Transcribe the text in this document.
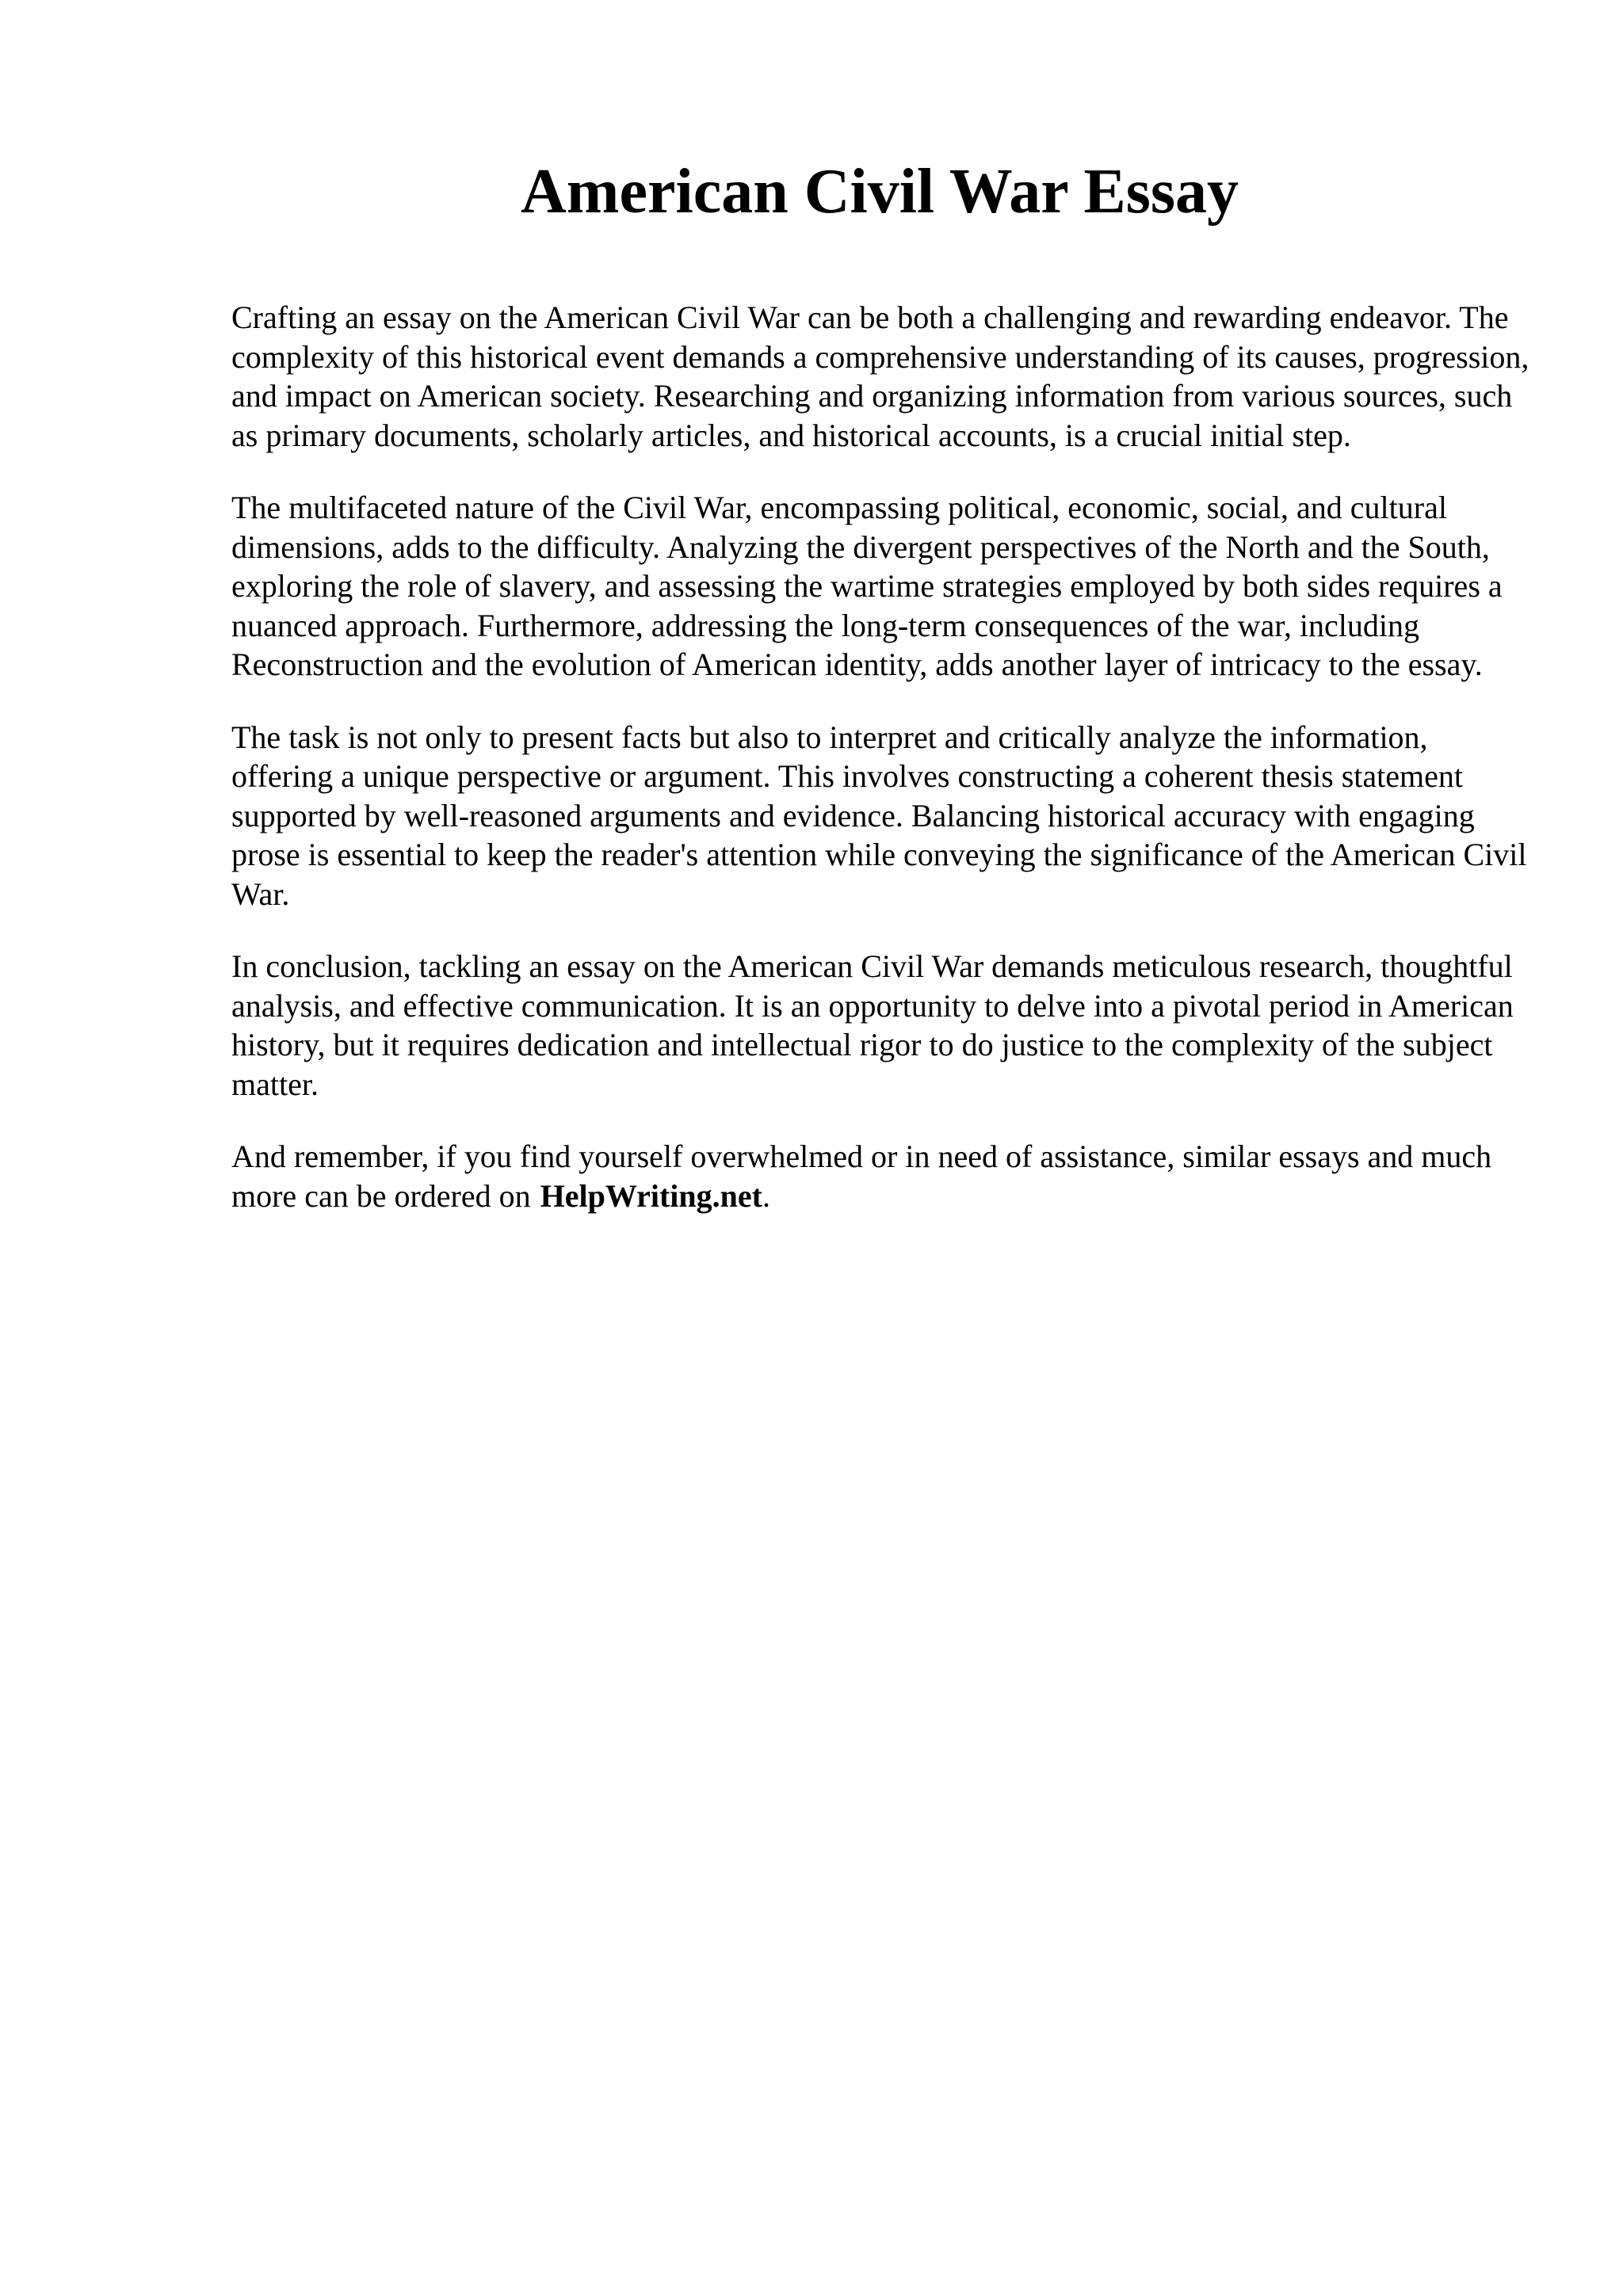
American Civil War Essay

Crafting an essay on the American Civil War can be both a challenging and rewarding endeavor. The complexity of this historical event demands a comprehensive understanding of its causes, progression, and impact on American society. Researching and organizing information from various sources, such as primary documents, scholarly articles, and historical accounts, is a crucial initial step.

The multifaceted nature of the Civil War, encompassing political, economic, social, and cultural dimensions, adds to the difficulty. Analyzing the divergent perspectives of the North and the South, exploring the role of slavery, and assessing the wartime strategies employed by both sides requires a nuanced approach. Furthermore, addressing the long-term consequences of the war, including Reconstruction and the evolution of American identity, adds another layer of intricacy to the essay.

The task is not only to present facts but also to interpret and critically analyze the information, offering a unique perspective or argument. This involves constructing a coherent thesis statement supported by well-reasoned arguments and evidence. Balancing historical accuracy with engaging prose is essential to keep the reader's attention while conveying the significance of the American Civil War.

In conclusion, tackling an essay on the American Civil War demands meticulous research, thoughtful analysis, and effective communication. It is an opportunity to delve into a pivotal period in American history, but it requires dedication and intellectual rigor to do justice to the complexity of the subject matter.

And remember, if you find yourself overwhelmed or in need of assistance, similar essays and much more can be ordered on HelpWriting.net.
